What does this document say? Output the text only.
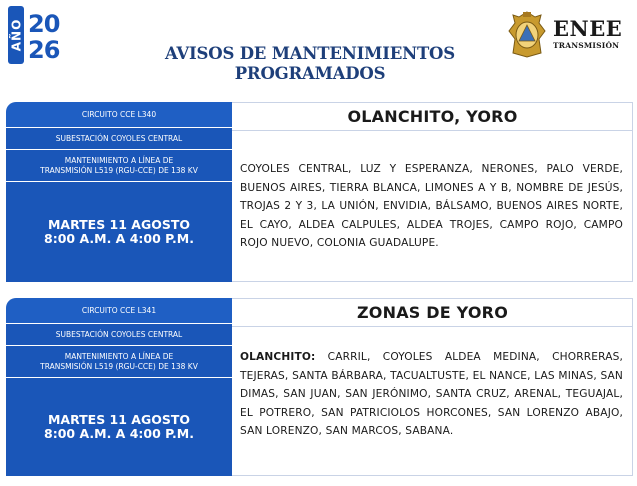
AÑO 20
26	AVISOS DE MANTENIMIENTOS
PROGRAMADOS
ENEE
TRANSMISIÓN
CIRCUITO CCE L340
SUBESTACIÓN COYOLES CENTRAL
MANTENIMIENTO A LÍNEA DE
TRANSMISIÓN L519 (RGU-CCE) DE 138 KV
MARTES 11 AGOSTO
8:00 A.M. A 4:00 P.M.
OLANCHITO, YORO

COYOLES CENTRAL, LUZ Y ESPERANZA, NERONES, PALO VERDE, BUENOS AIRES, TIERRA BLANCA, LIMONES A Y B, NOMBRE DE JESÚS, TROJAS 2 Y 3, LA UNIÓN, ENVIDIA, BÁLSAMO, BUENOS AIRES NORTE, EL CAYO, ALDEA CALPULES, ALDEA TROJES, CAMPO ROJO, CAMPO ROJO NUEVO, COLONIA GUADALUPE.

CIRCUITO CCE L341
SUBESTACIÓN COYOLES CENTRAL
MANTENIMIENTO A LÍNEA DE
TRANSMISIÓN L519 (RGU-CCE) DE 138 KV
MARTES 11 AGOSTO
8:00 A.M. A 4:00 P.M.
ZONAS DE YORO

OLANCHITO: CARRIL, COYOLES ALDEA MEDINA, CHORRERAS, TEJERAS, SANTA BÁRBARA, TACUALTUSTE, EL NANCE, LAS MINAS, SAN DIMAS, SAN JUAN, SAN JERÓNIMO, SANTA CRUZ, ARENAL, TEGUAJAL, EL POTRERO, SAN PATRICIOLOS HORCONES, SAN LORENZO ABAJO, SAN LORENZO, SAN MARCOS, SABANA.
